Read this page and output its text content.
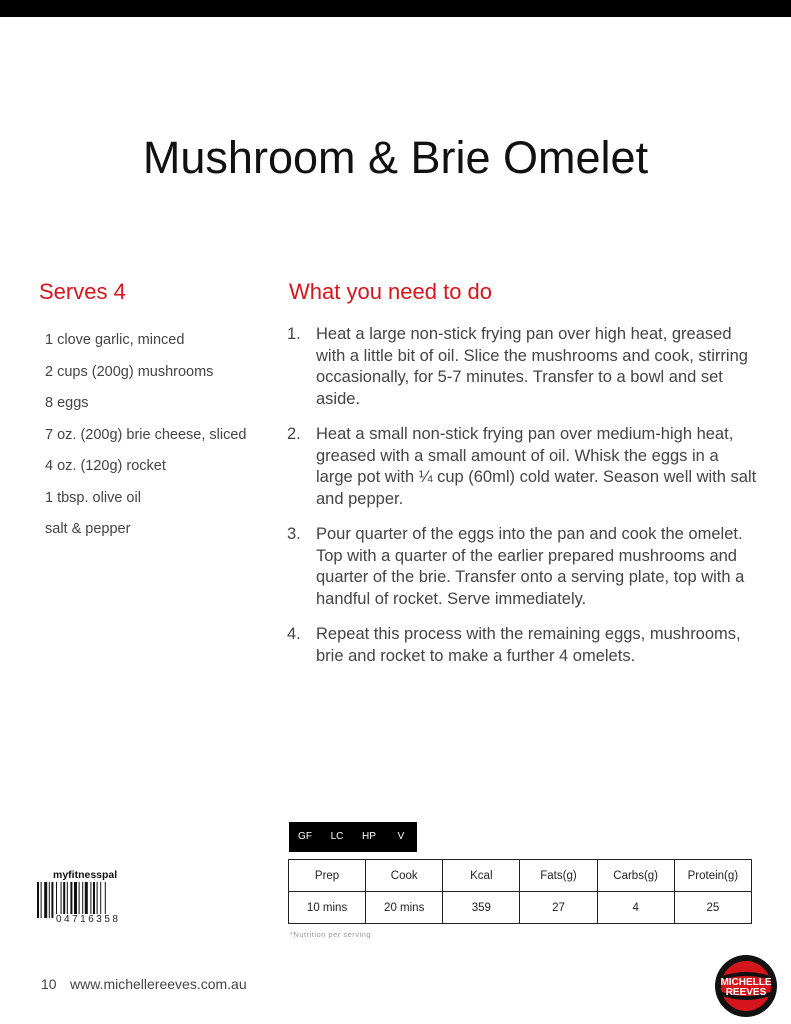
Mushroom & Brie Omelet
Serves 4	What you need to do
1 clove garlic, minced
2 cups (200g) mushrooms
8 eggs
7 oz. (200g) brie cheese, sliced
4 oz. (120g) rocket
1 tbsp. olive oil
salt & pepper
1. Heat a large non-stick frying pan over high heat, greased with a little bit of oil. Slice the mushrooms and cook, stirring occasionally, for 5-7 minutes. Transfer to a bowl and set aside.
2. Heat a small non-stick frying pan over medium-high heat, greased with a small amount of oil. Whisk the eggs in a large pot with ¼ cup (60ml) cold water. Season well with salt and pepper.
3. Pour quarter of the eggs into the pan and cook the omelet. Top with a quarter of the earlier prepared mushrooms and quarter of the brie. Transfer onto a serving plate, top with a handful of rocket. Serve immediately.
4. Repeat this process with the remaining eggs, mushrooms, brie and rocket to make a further 4 omelets.
GF	LC	HP	V
Prep	Cook	Kcal	Fats(g)	Carbs(g)	Protein(g)
10 mins	20 mins	359	27	4	25
*Nutrition per serving
myfitnesspal
04716358
10 www.michellereeves.com.au	MICHELLE
REEVES
